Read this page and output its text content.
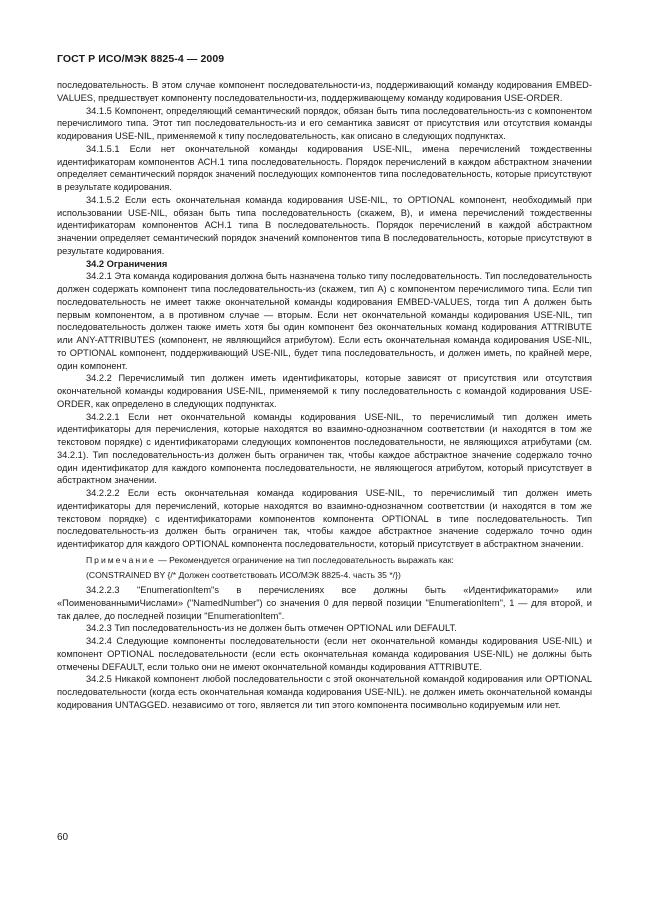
ГОСТ Р ИСО/МЭК 8825-4 — 2009

последовательность. В этом случае компонент последовательности-из, поддерживающий команду кодирования EMBED-VALUES, предшествует компоненту последовательности-из, поддерживающему команду кодирования USE-ORDER.

34.1.5 Компонент, определяющий семантический порядок, обязан быть типа последовательность-из с компонентом перечислимого типа. Этот тип последовательность-из и его семантика зависят от присутствия или отсутствия команды кодирования USE-NIL, применяемой к типу последовательность, как описано в следующих подпунктах.

34.1.5.1 Если нет окончательной команды кодирования USE-NIL, имена перечислений тождественны идентификаторам компонентов АСН.1 типа последовательность. Порядок перечислений в каждом абстрактном значении определяет семантический порядок значений последующих компонентов типа последовательность, которые присутствуют в результате кодирования.

34.1.5.2 Если есть окончательная команда кодирования USE-NIL, то OPTIONAL компонент, необходимый при использовании USE-NIL, обязан быть типа последовательность (скажем, В), и имена перечислений тождественны идентификаторам компонентов АСН.1 типа В последовательность. Порядок перечислений в каждой абстрактном значении определяет семантический порядок значений компонентов типа В последовательность, которые присутствуют в результате кодирования.

34.2 Ограничения

34.2.1 Эта команда кодирования должна быть назначена только типу последовательность. Тип последовательность должен содержать компонент типа последовательность-из (скажем, тип А) с компонентом перечислимого типа. Если тип последовательность не имеет также окончательной команды кодирования EMBED-VALUES, тогда тип А должен быть первым компонентом, а в противном случае — вторым. Если нет окончательной команды кодирования USE-NIL, тип последовательность должен также иметь хотя бы один компонент без окончательных команд кодирования ATTRIBUTE или ANY-ATTRIBUTES (компонент, не являющийся атрибутом). Если есть окончательная команда кодирования USE-NIL, то OPTIONAL компонент, поддерживающий USE-NIL, будет типа последовательность, и должен иметь, по крайней мере, один компонент.

34.2.2 Перечислимый тип должен иметь идентификаторы, которые зависят от присутствия или отсутствия окончательной команды кодирования USE-NIL, применяемой к типу последовательность с командой кодирования USE-ORDER, как определено в следующих подпунктах.

34.2.2.1 Если нет окончательной команды кодирования USE-NIL, то перечислимый тип должен иметь идентификаторы для перечисления, которые находятся во взаимно-однозначном соответствии (и находятся в том же текстовом порядке) с идентификаторами следующих компонентов последовательности, не являющихся атрибутами (см. 34.2.1). Тип последовательность-из должен быть ограничен так, чтобы каждое абстрактное значение содержало точно один идентификатор для каждого компонента последовательности, не являющегося атрибутом, который присутствует в абстрактном значении.

34.2.2.2 Если есть окончательная команда кодирования USE-NIL, то перечислимый тип должен иметь идентификаторы для перечислений, которые находятся во взаимно-однозначном соответствии (и находятся в том же текстовом порядке) с идентификаторами компонентов компонента OPTIONAL в типе последовательность. Тип последовательность-из должен быть ограничен так, чтобы каждое абстрактное значение содержало точно один идентификатор для каждого OPTIONAL компонента последовательности, который присутствует в абстрактном значении.

Примечание — Рекомендуется ограничение на тип последовательность выражать как:

(CONSTRAINED BY {/* Должен соответствовать ИСО/МЭК 8825-4. часть 35 */})

34.2.2.3 "EnumerationItem"s в перечислениях все должны быть «Идентификаторами» или «ПоименованнымиЧислами» ("NamedNumber") со значения 0 для первой позиции "EnumerationItem", 1 — для второй, и так далее, до последней позиции "EnumerationItem".

34.2.3 Тип последовательность-из не должен быть отмечен OPTIONAL или DEFAULT.

34.2.4 Следующие компоненты последовательности (если нет окончательной команды кодирования USE-NIL) и компонент OPTIONAL последовательности (если есть окончательная команда кодирования USE-NIL) не должны быть отмечены DEFAULT, если только они не имеют окончательной команды кодирования ATTRIBUTE.

34.2.5 Никакой компонент любой последовательности с этой окончательной командой кодирования или OPTIONAL последовательности (когда есть окончательная команда кодирования USE-NIL). не должен иметь окончательной команды кодирования UNTAGGED. независимо от того, является ли тип этого компонента посимвольно кодируемым или нет.

60
